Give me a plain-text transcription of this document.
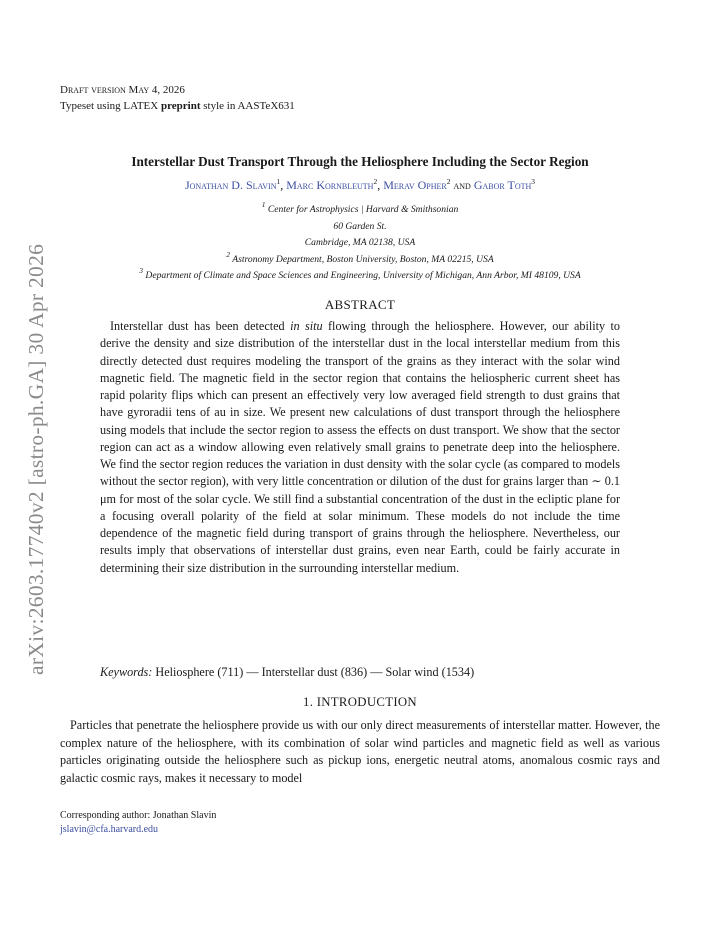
arXiv:2603.17740v2 [astro-ph.GA] 30 Apr 2026
Draft version May 4, 2026
Typeset using LATEX preprint style in AASTeX631
Interstellar Dust Transport Through the Heliosphere Including the Sector Region
Jonathan D. Slavin$^1$, Marc Kornbleuth$^2$, Merav Opher$^2$ and Gabor Toth$^3$
$^1$ Center for Astrophysics | Harvard & Smithsonian
60 Garden St.
Cambridge, MA 02138, USA
$^2$ Astronomy Department, Boston University, Boston, MA 02215, USA
$^3$ Department of Climate and Space Sciences and Engineering, University of Michigan, Ann Arbor, MI 48109, USA
ABSTRACT

Interstellar dust has been detected in situ flowing through the heliosphere. However, our ability to derive the density and size distribution of the interstellar dust in the local interstellar medium from this directly detected dust requires modeling the transport of the grains as they interact with the solar wind magnetic field. The magnetic field in the sector region that contains the heliospheric current sheet has rapid polarity flips which can present an effectively very low averaged field strength to dust grains that have gyroradii tens of au in size. We present new calculations of dust transport through the heliosphere using models that include the sector region to assess the effects on dust transport. We show that the sector region can act as a window allowing even relatively small grains to penetrate deep into the heliosphere. We find the sector region reduces the variation in dust density with the solar cycle (as compared to models without the sector region), with very little concentration or dilution of the dust for grains larger than ∼ 0.1 μm for most of the solar cycle. We still find a substantial concentration of the dust in the ecliptic plane for a focusing overall polarity of the field at solar minimum. These models do not include the time dependence of the magnetic field during transport of grains through the heliosphere. Nevertheless, our results imply that observations of interstellar dust grains, even near Earth, could be fairly accurate in determining their size distribution in the surrounding interstellar medium.

Keywords: Heliosphere (711) — Interstellar dust (836) — Solar wind (1534)
1. INTRODUCTION

Particles that penetrate the heliosphere provide us with our only direct measurements of interstellar matter. However, the complex nature of the heliosphere, with its combination of solar wind particles and magnetic field as well as various particles originating outside the heliosphere such as pickup ions, energetic neutral atoms, anomalous cosmic rays and galactic cosmic rays, makes it necessary to model

Corresponding author: Jonathan Slavin
jslavin@cfa.harvard.edu
